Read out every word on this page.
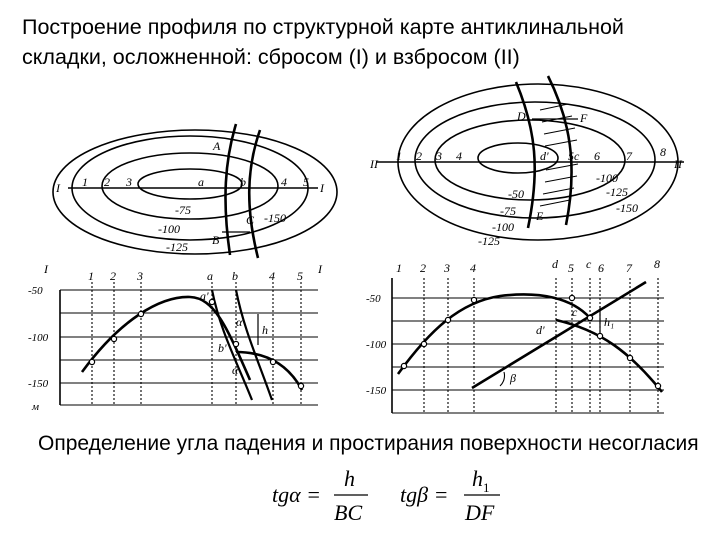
Построение профиля по структурной карте антиклинальной складки, осложненной: сбросом (I) и взбросом (II)
I	I
1 2 3	4 5
a	b
A
B
C
-75
-100
-125
-150
II	II
1 2 3 4	6 7 8
D	F
E
d' 5c
-50
-75
-100
-125
-100
-125
-150
I	I
1 2 3	a b	4 5
-50
-100
-150
м
a'
b'
h
α
α
1 2 3 4	d 5 c 6 7 8
-50
-100
-150
c
d'
h₁
β
tgα =
h
BC
tgβ =
h 1
DF
Определение угла падения и простирания поверхности несогласия
